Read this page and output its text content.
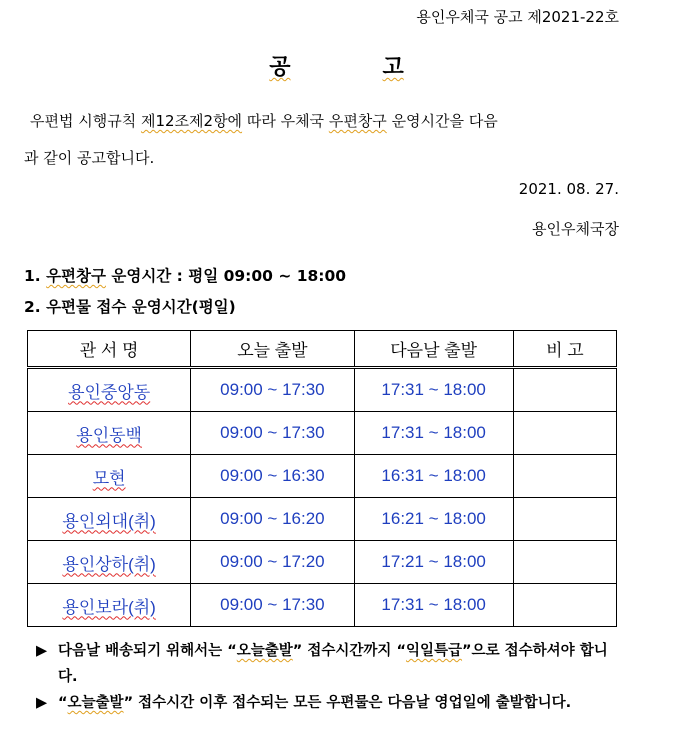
용인우체국 공고 제2021-22호
공	고
우편법 시행규칙 제12조제2항에 따라 우체국 우편창구 운영시간을 다음
과 같이 공고합니다.
2021. 08. 27.
용인우체국장
1. 우편창구 운영시간 : 평일 09:00 ~ 18:00
2. 우편물 접수 운영시간(평일)
관 서 명	오늘 출발	다음날 출발	비 고
용인중앙동	09:00 ~ 17:30	17:31 ~ 18:00	
용인동백	09:00 ~ 17:30	17:31 ~ 18:00	
모현	09:00 ~ 16:30	16:31 ~ 18:00	
용인외대(취)	09:00 ~ 16:20	16:21 ~ 18:00	
용인상하(취)	09:00 ~ 17:20	17:21 ~ 18:00	
용인보라(취)	09:00 ~ 17:30	17:31 ~ 18:00	
▶ 다음날 배송되기 위해서는 “오늘출발” 접수시간까지 “익일특급”으로 접수하셔야 합니다.
▶ “오늘출발” 접수시간 이후 접수되는 모든 우편물은 다음날 영업일에 출발합니다.
